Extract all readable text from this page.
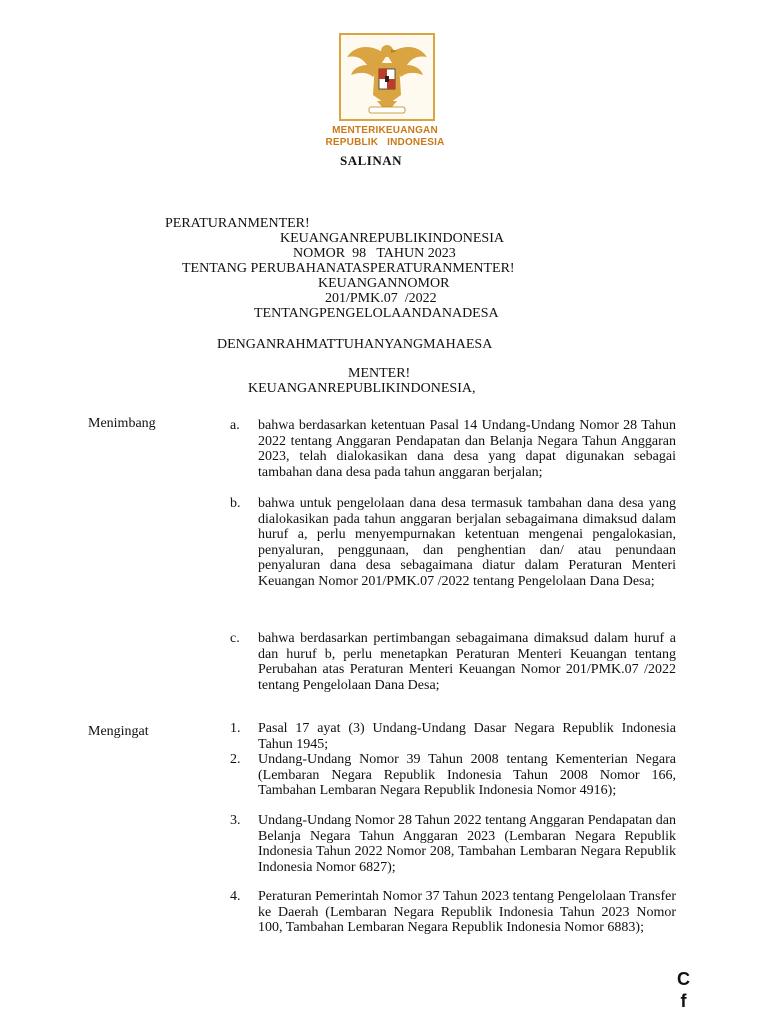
MENTERIKEUANGAN
REPUBLIK   INDONESIA
SALINAN
PERATURANMENTER!
KEUANGANREPUBLIKINDONESIA
NOMOR  98   TAHUN 2023
TENTANG PERUBAHANATASPERATURANMENTER!
KEUANGANNOMOR
201/PMK.07  /2022
TENTANGPENGELOLAANDANADESA
DENGANRAHMATTUHANYANGMAHAESA
MENTER!
KEUANGANREPUBLIKINDONESIA,
Menimbang	a. bahwa berdasarkan ketentuan Pasal 14 Undang-Undang Nomor 28 Tahun 2022 tentang Anggaran Pendapatan dan Belanja Negara Tahun Anggaran 2023, telah dialokasikan dana desa yang dapat digunakan sebagai tambahan dana desa pada tahun anggaran berjalan;
b. bahwa untuk pengelolaan dana desa termasuk tambahan dana desa yang dialokasikan pada tahun anggaran berjalan sebagaimana dimaksud dalam huruf a, perlu menyempurnakan ketentuan mengenai pengalokasian, penyaluran, penggunaan, dan penghentian dan/ atau penundaan penyaluran dana desa sebagaimana diatur dalam Peraturan Menteri Keuangan Nomor 201/PMK.07 /2022 tentang Pengelolaan Dana Desa;
c. bahwa berdasarkan pertimbangan sebagaimana dimaksud dalam huruf a dan huruf b, perlu menetapkan Peraturan Menteri Keuangan tentang Perubahan atas Peraturan Menteri Keuangan Nomor 201/PMK.07 /2022 tentang Pengelolaan Dana Desa;
Mengingat	1. Pasal 17 ayat (3) Undang-Undang Dasar Negara Republik Indonesia Tahun 1945;
2. Undang-Undang Nomor 39 Tahun 2008 tentang Kementerian Negara (Lembaran Negara Republik Indonesia Tahun 2008 Nomor 166, Tambahan Lembaran Negara Republik Indonesia Nomor 4916);
3. Undang-Undang Nomor 28 Tahun 2022 tentang Anggaran Pendapatan dan Belanja Negara Tahun Anggaran 2023 (Lembaran Negara Republik Indonesia Tahun 2022 Nomor 208, Tambahan Lembaran Negara Republik Indonesia Nomor 6827);
4. Peraturan Pemerintah Nomor 37 Tahun 2023 tentang Pengelolaan Transfer ke Daerah (Lembaran Negara Republik Indonesia Tahun 2023 Nomor 100, Tambahan Lembaran Negara Republik Indonesia Nomor 6883);
C
f
